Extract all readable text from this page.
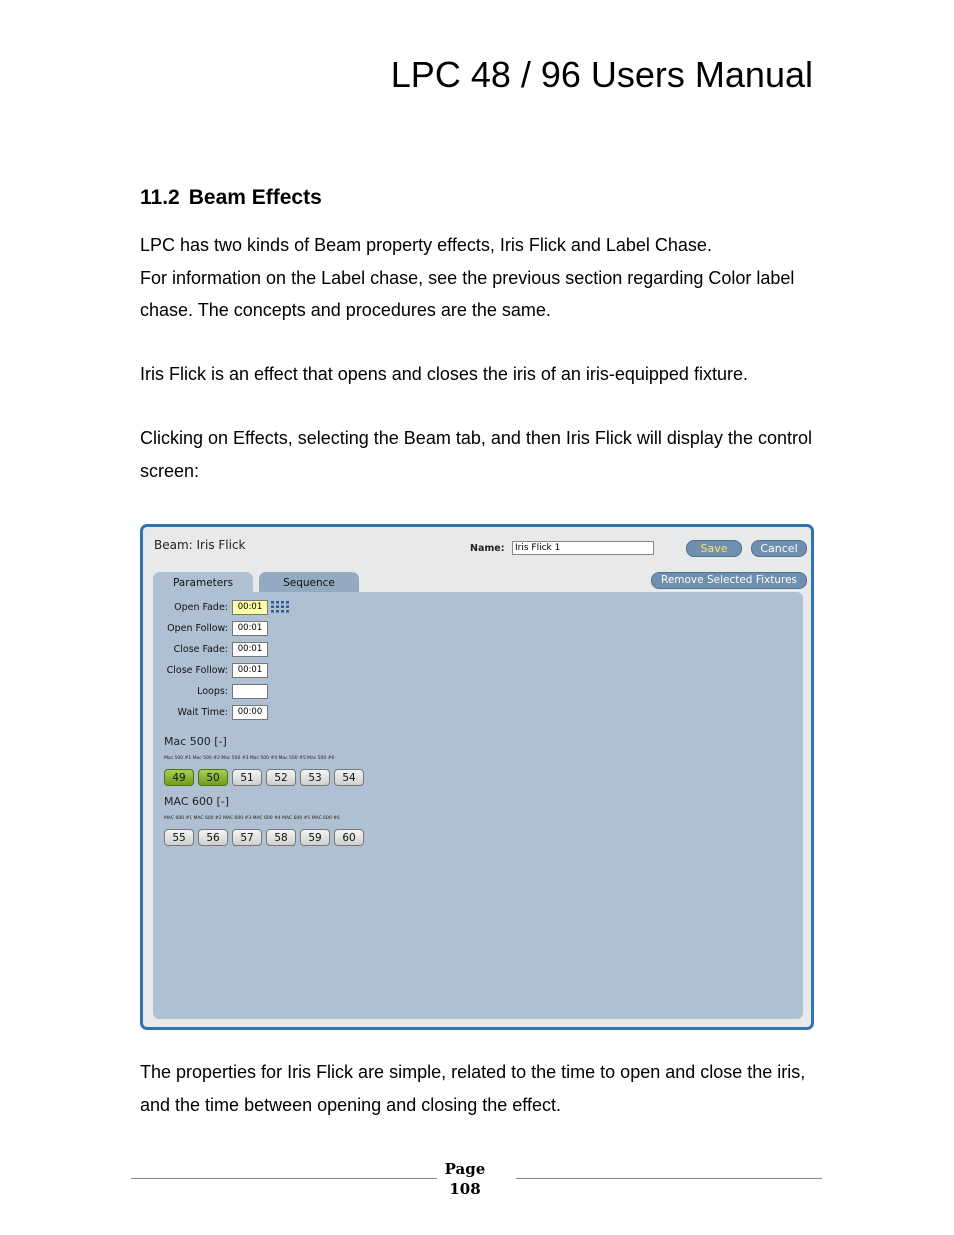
LPC 48 / 96 Users Manual
11.2 Beam Effects
LPC has two kinds of Beam property effects, Iris Flick and Label Chase.
For information on the Label chase, see the previous section regarding Color label chase. The concepts and procedures are the same.
Iris Flick is an effect that opens and closes the iris of an iris-equipped fixture.
Clicking on Effects, selecting the Beam tab, and then Iris Flick will display the control screen:
Beam: Iris Flick	Name:	Iris Flick 1	Save	Cancel
Remove Selected Fixtures
Parameters	Sequence
Open Fade:	00:01
Open Follow:	00:01
Close Fade:	00:01
Close Follow:	00:01
Loops:
Wait Time:	00:00
Mac 500 [-]
Mac 500 #1 Mac 500 #2 Mac 500 #3 Mac 500 #4 Mac 500 #5 Mac 500 #6
49	50	51	52	53	54
MAC 600 [-]
MAC 600 #1 MAC 600 #2 MAC 600 #3 MAC 600 #4 MAC 600 #5 MAC 600 #6
55	56	57	58	59	60
The properties for Iris Flick are simple, related to the time to open and close the iris, and the time between opening and closing the effect.
Page
108
